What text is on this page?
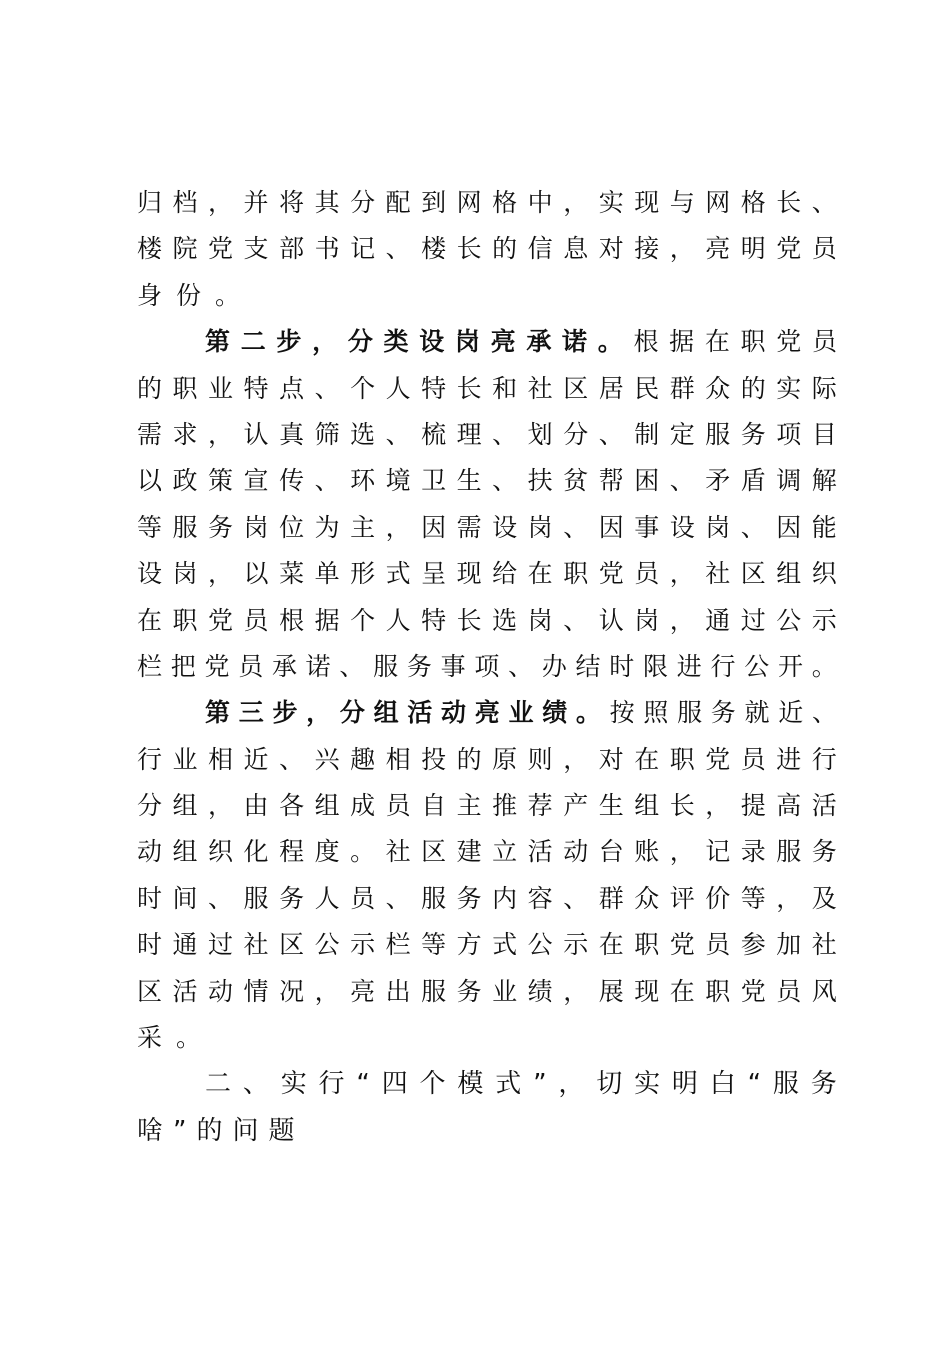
归 档 ， 并 将 其 分 配 到 网 格 中 ， 实 现 与 网 格 长 、
楼 院 党 支 部 书 记 、 楼 长 的 信 息 对 接 ， 亮 明 党 员
身 份 。
第 二 步 ， 分 类 设 岗 亮 承 诺 。 根 据 在 职 党 员
的 职 业 特 点 、 个 人 特 长 和 社 区 居 民 群 众 的 实 际
需 求 ， 认 真 筛 选 、 梳 理 、 划 分 、 制 定 服 务 项 目
以 政 策 宣 传 、 环 境 卫 生 、 扶 贫 帮 困 、 矛 盾 调 解
等 服 务 岗 位 为 主 ， 因 需 设 岗 、 因 事 设 岗 、 因 能
设 岗 ， 以 菜 单 形 式 呈 现 给 在 职 党 员 ， 社 区 组 织
在 职 党 员 根 据 个 人 特 长 选 岗 、 认 岗 ， 通 过 公 示
栏 把 党 员 承 诺 、 服 务 事 项 、 办 结 时 限 进 行 公 开 。
第 三 步 ， 分 组 活 动 亮 业 绩 。 按 照 服 务 就 近 、
行 业 相 近 、 兴 趣 相 投 的 原 则 ， 对 在 职 党 员 进 行
分 组 ， 由 各 组 成 员 自 主 推 荐 产 生 组 长 ， 提 高 活
动 组 织 化 程 度 。 社 区 建 立 活 动 台 账 ， 记 录 服 务
时 间 、 服 务 人 员 、 服 务 内 容 、 群 众 评 价 等 ， 及
时 通 过 社 区 公 示 栏 等 方 式 公 示 在 职 党 员 参 加 社
区 活 动 情 况 ， 亮 出 服 务 业 绩 ， 展 现 在 职 党 员 风
采 。
二 、 实 行 “ 四 个 模 式 ” ， 切 实 明 白 “ 服 务
啥 ” 的 问 题
